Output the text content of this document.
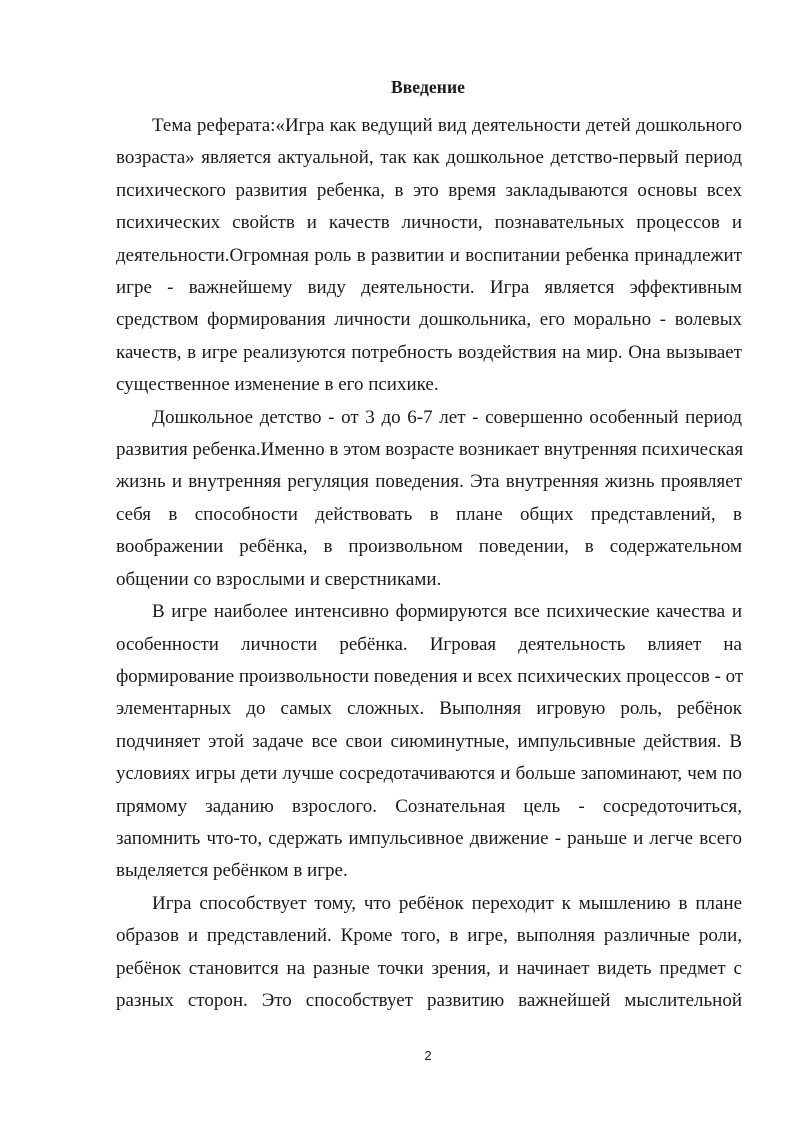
Введение
Тема реферата:«Игра как ведущий вид деятельности детей дошкольного
возраста» является актуальной, так как дошкольное детство-первый период
психического развития ребенка, в это время закладываются основы всех
психических свойств и качеств личности, познавательных процессов и
деятельности.Огромная роль в развитии и воспитании ребенка принадлежит
игре - важнейшему виду деятельности. Игра является эффективным
средством формирования личности дошкольника, его морально - волевых
качеств, в игре реализуются потребность воздействия на мир. Она вызывает
существенное изменение в его психике.
Дошкольное детство - от 3 до 6-7 лет - совершенно особенный период
развития ребенка.Именно в этом возрасте возникает внутренняя психическая
жизнь и внутренняя регуляция поведения. Эта внутренняя жизнь проявляет
себя в способности действовать в плане общих представлений, в
воображении ребёнка, в произвольном поведении, в содержательном
общении со взрослыми и сверстниками.
В игре наиболее интенсивно формируются все психические качества и
особенности личности ребёнка. Игровая деятельность влияет на
формирование произвольности поведения и всех психических процессов - от
элементарных до самых сложных. Выполняя игровую роль, ребёнок
подчиняет этой задаче все свои сиюминутные, импульсивные действия. В
условиях игры дети лучше сосредотачиваются и больше запоминают, чем по
прямому заданию взрослого. Сознательная цель - сосредоточиться,
запомнить что-то, сдержать импульсивное движение - раньше и легче всего
выделяется ребёнком в игре.
Игра способствует тому, что ребёнок переходит к мышлению в плане
образов и представлений. Кроме того, в игре, выполняя различные роли,
ребёнок становится на разные точки зрения, и начинает видеть предмет с
разных сторон. Это способствует развитию важнейшей мыслительной
2
